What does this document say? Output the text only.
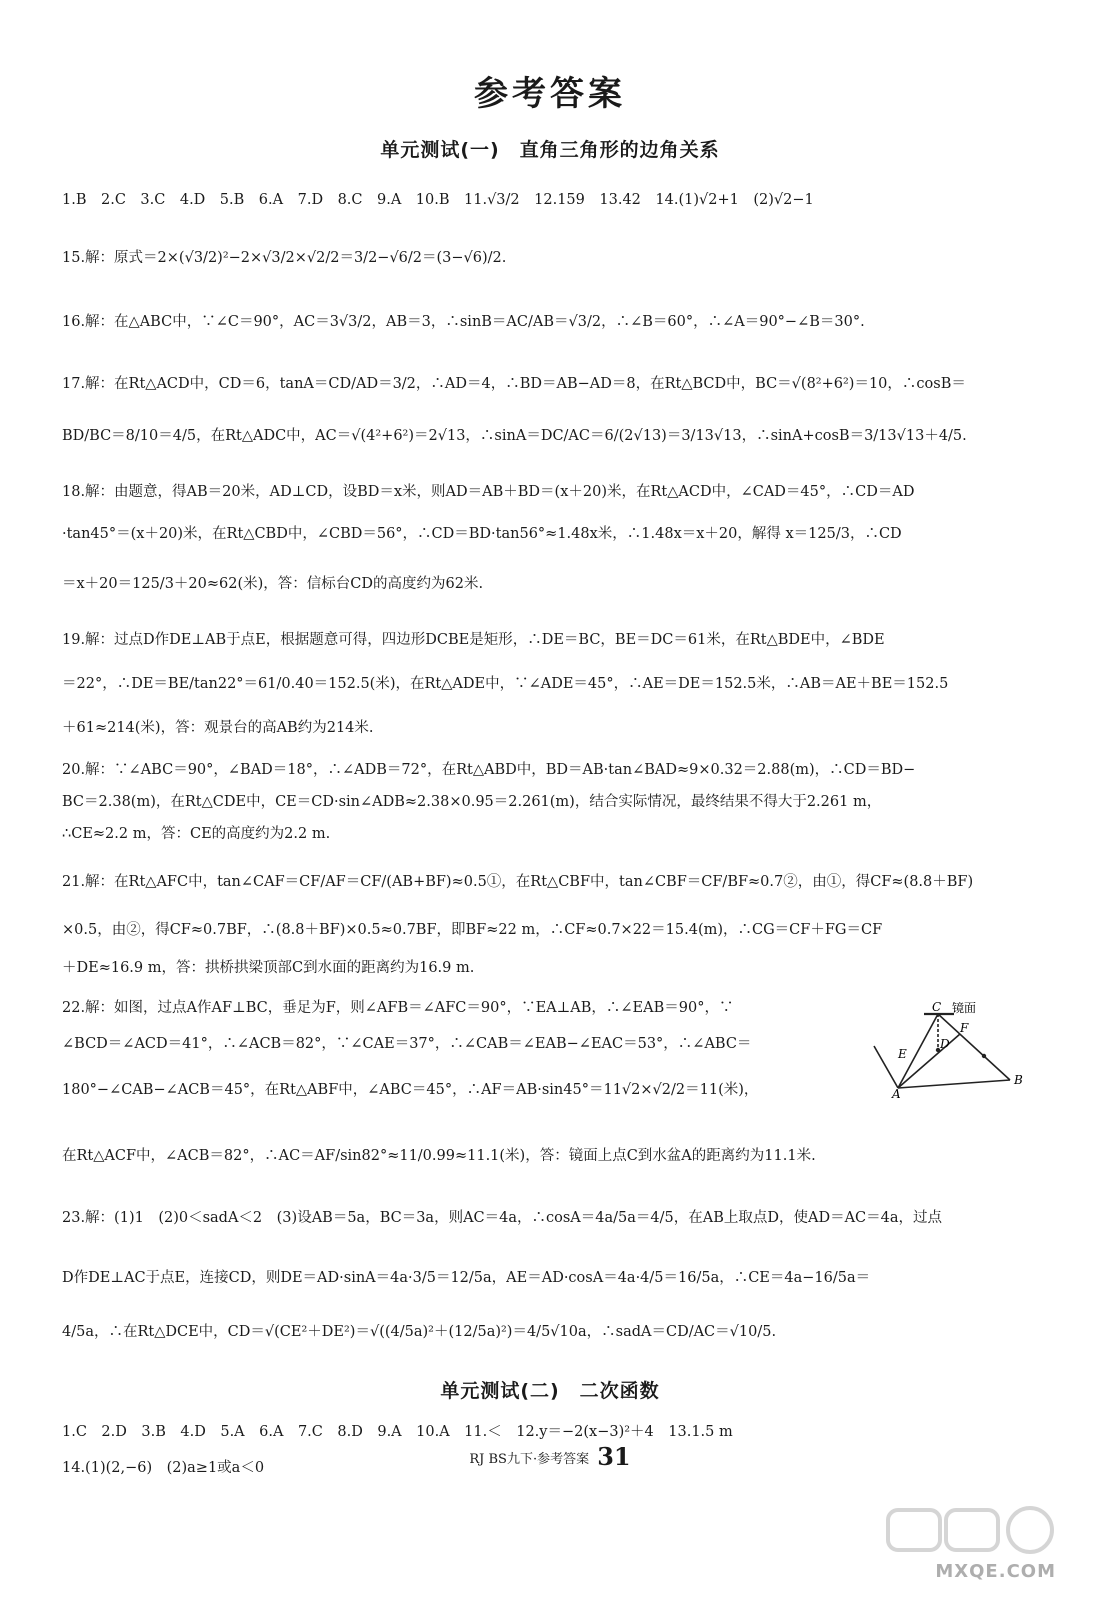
参考答案
单元测试(一)　直角三角形的边角关系
1.B　2.C　3.C　4.D　5.B　6.A　7.D　8.C　9.A　10.B　11.√3/2　12.159　13.42　14.(1)√2+1　(2)√2−1
15.解：原式＝2×(√3/2)²−2×√3/2×√2/2＝3/2−√6/2＝(3−√6)/2.
16.解：在△ABC中，∵∠C＝90°，AC＝3√3/2，AB＝3，∴sinB＝AC/AB＝√3/2，∴∠B＝60°，∴∠A＝90°−∠B＝30°.
17.解：在Rt△ACD中，CD＝6，tanA＝CD/AD＝3/2，∴AD＝4，∴BD＝AB−AD＝8，在Rt△BCD中，BC＝√(8²+6²)＝10，∴cosB＝
BD/BC＝8/10＝4/5，在Rt△ADC中，AC＝√(4²+6²)＝2√13，∴sinA＝DC/AC＝6/(2√13)＝3/13√13，∴sinA+cosB＝3/13√13＋4/5.
18.解：由题意，得AB＝20米，AD⊥CD，设BD＝x米，则AD＝AB＋BD＝(x＋20)米，在Rt△ACD中，∠CAD＝45°，∴CD＝AD
·tan45°＝(x＋20)米，在Rt△CBD中，∠CBD＝56°，∴CD＝BD·tan56°≈1.48x米，∴1.48x＝x＋20，解得 x＝125/3，∴CD
＝x＋20＝125/3＋20≈62(米)，答：信标台CD的高度约为62米.
19.解：过点D作DE⊥AB于点E，根据题意可得，四边形DCBE是矩形，∴DE＝BC，BE＝DC＝61米，在Rt△BDE中，∠BDE
＝22°，∴DE＝BE/tan22°＝61/0.40＝152.5(米)，在Rt△ADE中，∵∠ADE＝45°，∴AE＝DE＝152.5米，∴AB＝AE＋BE＝152.5
＋61≈214(米)，答：观景台的高AB约为214米.
20.解：∵∠ABC＝90°，∠BAD＝18°，∴∠ADB＝72°，在Rt△ABD中，BD＝AB·tan∠BAD≈9×0.32＝2.88(m)，∴CD＝BD−
BC＝2.38(m)，在Rt△CDE中，CE＝CD·sin∠ADB≈2.38×0.95＝2.261(m)，结合实际情况，最终结果不得大于2.261 m，
∴CE≈2.2 m，答：CE的高度约为2.2 m.
21.解：在Rt△AFC中，tan∠CAF＝CF/AF＝CF/(AB+BF)≈0.5①，在Rt△CBF中，tan∠CBF＝CF/BF≈0.7②，由①，得CF≈(8.8＋BF)
×0.5，由②，得CF≈0.7BF，∴(8.8＋BF)×0.5≈0.7BF，即BF≈22 m，∴CF≈0.7×22＝15.4(m)，∴CG＝CF＋FG＝CF
＋DE≈16.9 m，答：拱桥拱梁顶部C到水面的距离约为16.9 m.
22.解：如图，过点A作AF⊥BC，垂足为F，则∠AFB＝∠AFC＝90°，∵EA⊥AB，∴∠EAB＝90°，∵
∠BCD＝∠ACD＝41°，∴∠ACB＝82°，∵∠CAE＝37°，∴∠CAB＝∠EAB−∠EAC＝53°，∴∠ABC＝
180°−∠CAB−∠ACB＝45°，在Rt△ABF中，∠ABC＝45°，∴AF＝AB·sin45°＝11√2×√2/2＝11(米)，
在Rt△ACF中，∠ACB＝82°，∴AC＝AF/sin82°≈11/0.99≈11.1(米)，答：镜面上点C到水盆A的距离约为11.1米.
23.解：(1)1　(2)0＜sadA＜2　(3)设AB＝5a，BC＝3a，则AC＝4a，∴cosA＝4a/5a＝4/5，在AB上取点D，使AD＝AC＝4a，过点
D作DE⊥AC于点E，连接CD，则DE＝AD·sinA＝4a·3/5＝12/5a，AE＝AD·cosA＝4a·4/5＝16/5a，∴CE＝4a−16/5a＝
4/5a，∴在Rt△DCE中，CD＝√(CE²＋DE²)＝√((4/5a)²＋(12/5a)²)＝4/5√10a，∴sadA＝CD/AC＝√10/5.
单元测试(二)　二次函数
1.C　2.D　3.B　4.D　5.A　6.A　7.C　8.D　9.A　10.A　11.＜　12.y＝−2(x−3)²＋4　13.1.5 m
14.(1)(2,−6)　(2)a≥1或a＜0
C 镜面
F
D
E
A
B
RJ BS九下·参考答案 31
MXQE.COM
